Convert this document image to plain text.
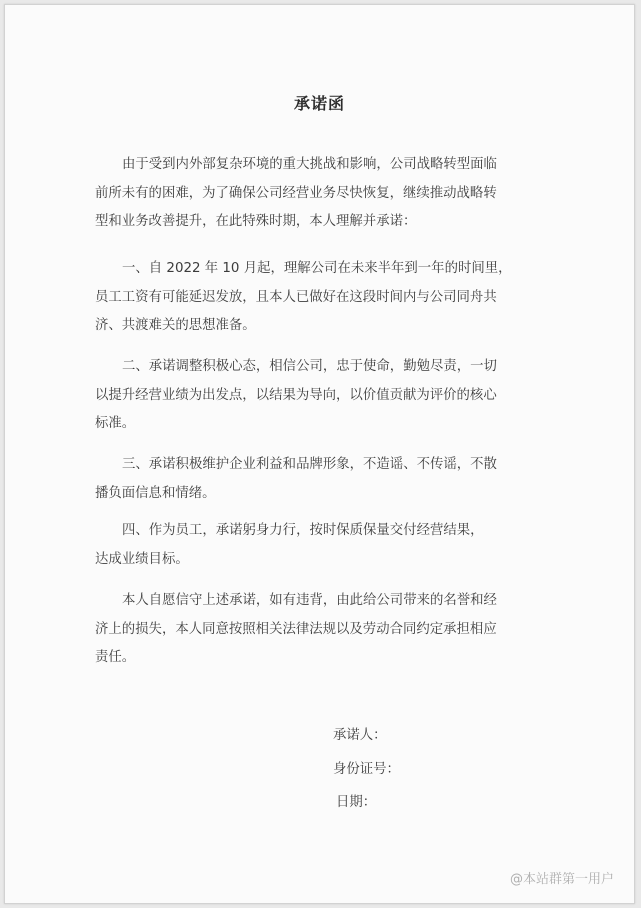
承诺函
由于受到内外部复杂环境的重大挑战和影响，公司战略转型面临
前所未有的困难，为了确保公司经营业务尽快恢复，继续推动战略转
型和业务改善提升，在此特殊时期，本人理解并承诺：
一、自 2022 年 10 月起，理解公司在未来半年到一年的时间里，
员工工资有可能延迟发放，且本人已做好在这段时间内与公司同舟共
济、共渡难关的思想准备。
二、承诺调整积极心态，相信公司，忠于使命，勤勉尽责，一切
以提升经营业绩为出发点，以结果为导向，以价值贡献为评价的核心
标准。
三、承诺积极维护企业利益和品牌形象，不造谣、不传谣，不散
播负面信息和情绪。
四、作为员工，承诺躬身力行，按时保质保量交付经营结果，
达成业绩目标。
本人自愿信守上述承诺，如有违背，由此给公司带来的名誉和经
济上的损失，本人同意按照相关法律法规以及劳动合同约定承担相应
责任。
承诺人：
身份证号：
日期：
@本站群第一用户
